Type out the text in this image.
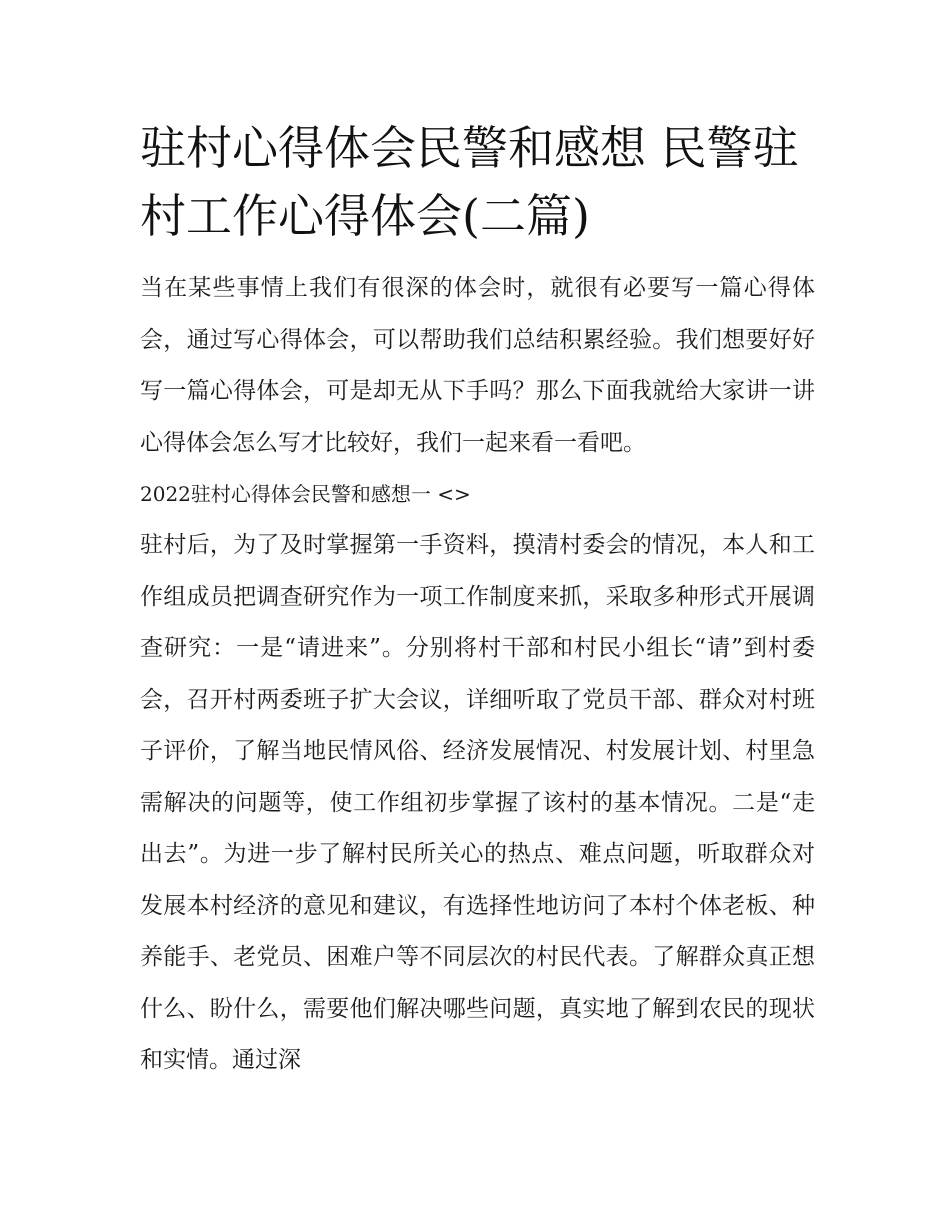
驻村心得体会民警和感想 民警驻村工作心得体会(二篇)

当在某些事情上我们有很深的体会时，就很有必要写一篇心得体会，通过写心得体会，可以帮助我们总结积累经验。我们想要好好写一篇心得体会，可是却无从下手吗？那么下面我就给大家讲一讲心得体会怎么写才比较好，我们一起来看一看吧。

2022驻村心得体会民警和感想一 <>

驻村后，为了及时掌握第一手资料，摸清村委会的情况，本人和工作组成员把调查研究作为一项工作制度来抓，采取多种形式开展调查研究：一是“请进来”。分别将村干部和村民小组长“请”到村委会，召开村两委班子扩大会议，详细听取了党员干部、群众对村班子评价，了解当地民情风俗、经济发展情况、村发展计划、村里急需解决的问题等，使工作组初步掌握了该村的基本情况。二是“走出去”。为进一步了解村民所关心的热点、难点问题，听取群众对发展本村经济的意见和建议，有选择性地访问了本村个体老板、种养能手、老党员、困难户等不同层次的村民代表。了解群众真正想什么、盼什么，需要他们解决哪些问题，真实地了解到农民的现状和实情。通过深
